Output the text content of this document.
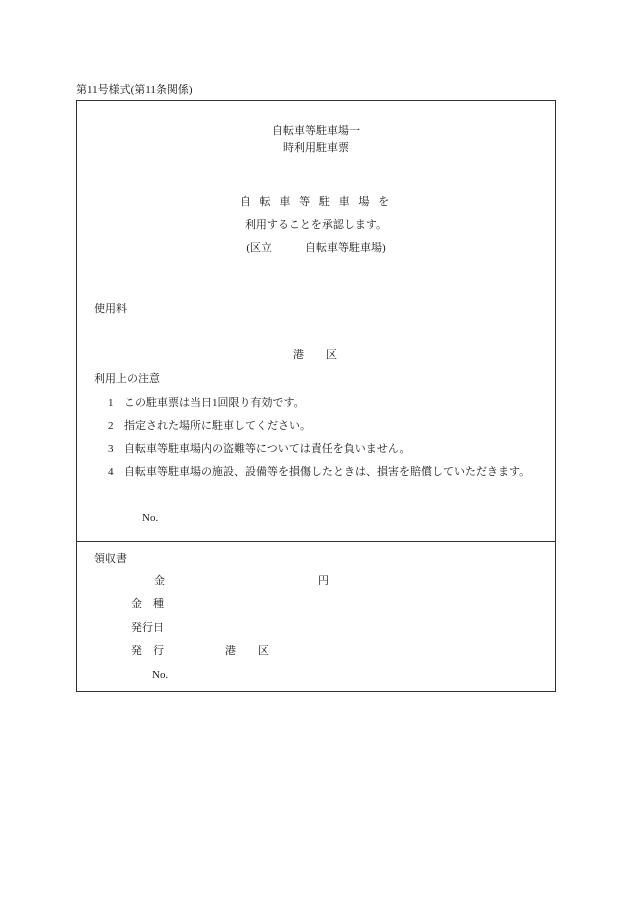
第11号様式(第11条関係)
自転車等駐車場一
時利用駐車票
自 転 車 等 駐 車 場 を
利用することを承認します。
(区立　　　自転車等駐車場)
使用料
港　　区
利用上の注意
1 この駐車票は当日1回限り有効です。
2 指定された場所に駐車してください。
3 自転車等駐車場内の盗難等については責任を負いません。
4 自転車等駐車場の施設、設備等を損傷したときは、損害を賠償していただきます。
No.
領収書
金	円
金　種
発行日
発　行	港　　区
No.
